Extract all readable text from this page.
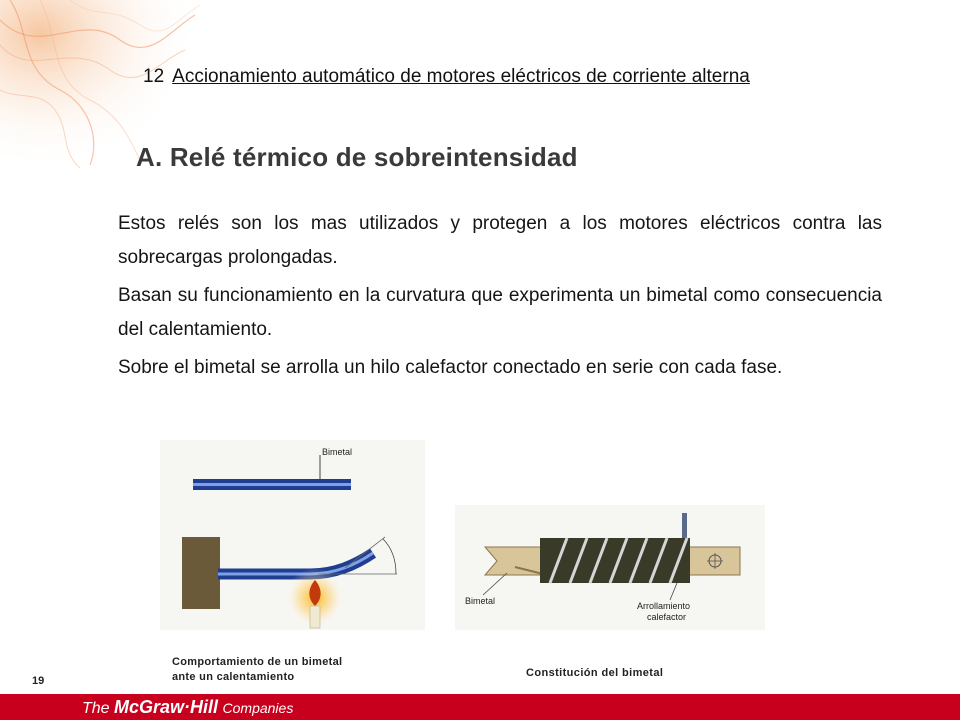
12 Accionamiento automático de motores eléctricos de corriente alterna
A. Relé térmico de sobreintensidad

Estos relés son los mas utilizados y protegen a los motores eléctricos contra las sobrecargas prolongadas.

Basan su funcionamiento en la curvatura que experimenta un bimetal como consecuencia del calentamiento.

Sobre el bimetal se arrolla un hilo calefactor conectado en serie con cada fase.

Bimetal
Bimetal	Arrollamiento
calefactor
Comportamiento de un bimetal
ante un calentamiento	Constitución del bimetal
19
The McGraw·Hill Companies
